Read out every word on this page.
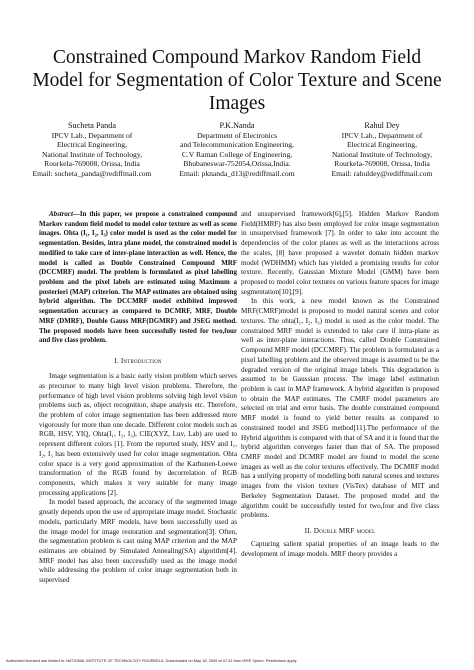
Constrained Compound Markov Random Field Model for Segmentation of Color Texture and Scene Images
Sucheta Panda
IPCV Lab., Department of
Electrical Engineering,
National Institute of Technology,
Rourkela-769008, Orissa, India
Email: sucheta_panda@rediffmail.com
P.K.Nanda
Department of Electronics
and Telecommunication Engineering,
C.V Raman College of Engineering,
Bhubaneswar-752054,Orissa,India.
Email: pknanda_d13@rediffmail.com
Rahul Dey
IPCV Lab., Department of
Electrical Engineering,
National Institute of Technology,
Rourkela-769008, Orissa, India
Email: rahuldey@rediffmail.com

Abstract—In this paper, we propose a constrained compound Markov random field model to model color texture as well as scene images. Ohta (I₁, I₂, I₃) color model is used as the color model for segmentation. Besides, intra plane model, the constrained model is modified to take care of inter-plane interaction as well. Hence, the model is called as Double Constrained Compound MRF (DCCMRF) model. The problem is formulated as pixel labelling problem and the pixel labels are estimated using Maximum a posteriori (MAP) criterion. The MAP estimates are obtained using hybrid algorithm. The DCCMRF model exhibited improved segmentation accuracy as compared to DCMRF, MRF, Double MRF (DMRF), Double Gauss MRF(DGMRF) and JSEG method. The proposed models have been successfully tested for two,four and five class problem.

I. Introduction

Image segmentation is a basic early vision problem which serves as precursor to many high level vision problems. Therefore, the performance of high level vision problems solving high level vision problems such as, object recognition, shape analysis etc. Therefore, the problem of color image segmentation has been addressed more vigorously for more than one decade. Different color models such as RGB, HSV, YIQ, Ohta(I₁, I₂, I₃), CIE(XYZ, Luv, Lab) are used to represent different colors [1]. From the reported study, HSV and I₁, I₂, I₃ has been extensively used for color image segmentation. Ohta color space is a very good approximation of the Karhunen-Loewe transformation of the RGB found by decorrelation of RGB components, which makes it very suitable for many image processing applications [2].

In model based approach, the accuracy of the segmented image greatly depends upon the use of appropriate image model. Stochastic models, particularly MRF models, have been successfully used as the image model for image restoration and segmentation[3]. Often, the segmentation problem is cast using MAP criterion and the MAP estimates are obtained by Simulated Annealing(SA) algorithm[4]. MRF model has also been successfully used as the image model while addressing the problem of color image segmentation both in supervised

and unsupervised framework[6],[5]. Hidden Markov Random Field(HMRF) has also been employed for color image segmentation in unsupervised framework [7]. In order to take into account the dependencies of the color planes as well as the interactions across the scales, [8] have proposed a wavelet domain hidden markov model (WDHMM) which has yielded a promising results for color texture. Recently, Gaussian Mixture Model (GMM) have been proposed to model color textures on various feature spaces for image segmentation[10],[9].

In this work, a new model known as the Constrained MRF(CMRF)model is proposed to model natural scenes and color textures. The ohta(I₁, I₂, I₃) model is used as the color model. The constrained MRF model is extended to take care if intra-plane as well as inter-plane interactions. Thus, called Double Constrained Compound MRF model (DCCMRF). The problem is formulated as a pixel labelling problem and the observed image is assumed to be the degraded version of the original image labels. This degradation is assumed to be Gaussian process. The image label estimation problem is cast in MAP framework. A hybrid algorithm is proposed to obtain the MAP estimates. The CMRF model parameters are selected on trial and error basis. The double constrained compound MRF model is found to yield better results as compared to constrained model and JSEG method[11].The performance of the Hybrid algorithm is compared with that of SA and it is found that the hybrid algorithm converges faster than that of SA. The proposed CMRF model and DCMRF model are found to model the scene images as well as the color textures effectively. The DCMRF model has a unifying property of modelling both natural scenes and textures images from the vision texture (VisTex) database of MIT and Berkeley Segmentation Dataset. The proposed model and the algorithm could be successfully tested for two,four and five class problems.

II. Double MRF model

Capturing salient spatial properties of an image leads to the development of image models. MRF theory provides a

Authorized licensed use limited to: NATIONAL INSTITUTE OF TECHNOLOGY ROURKELA. Downloaded on May 18, 2009 at 07:41 from IEEE Xplore. Restrictions apply.
